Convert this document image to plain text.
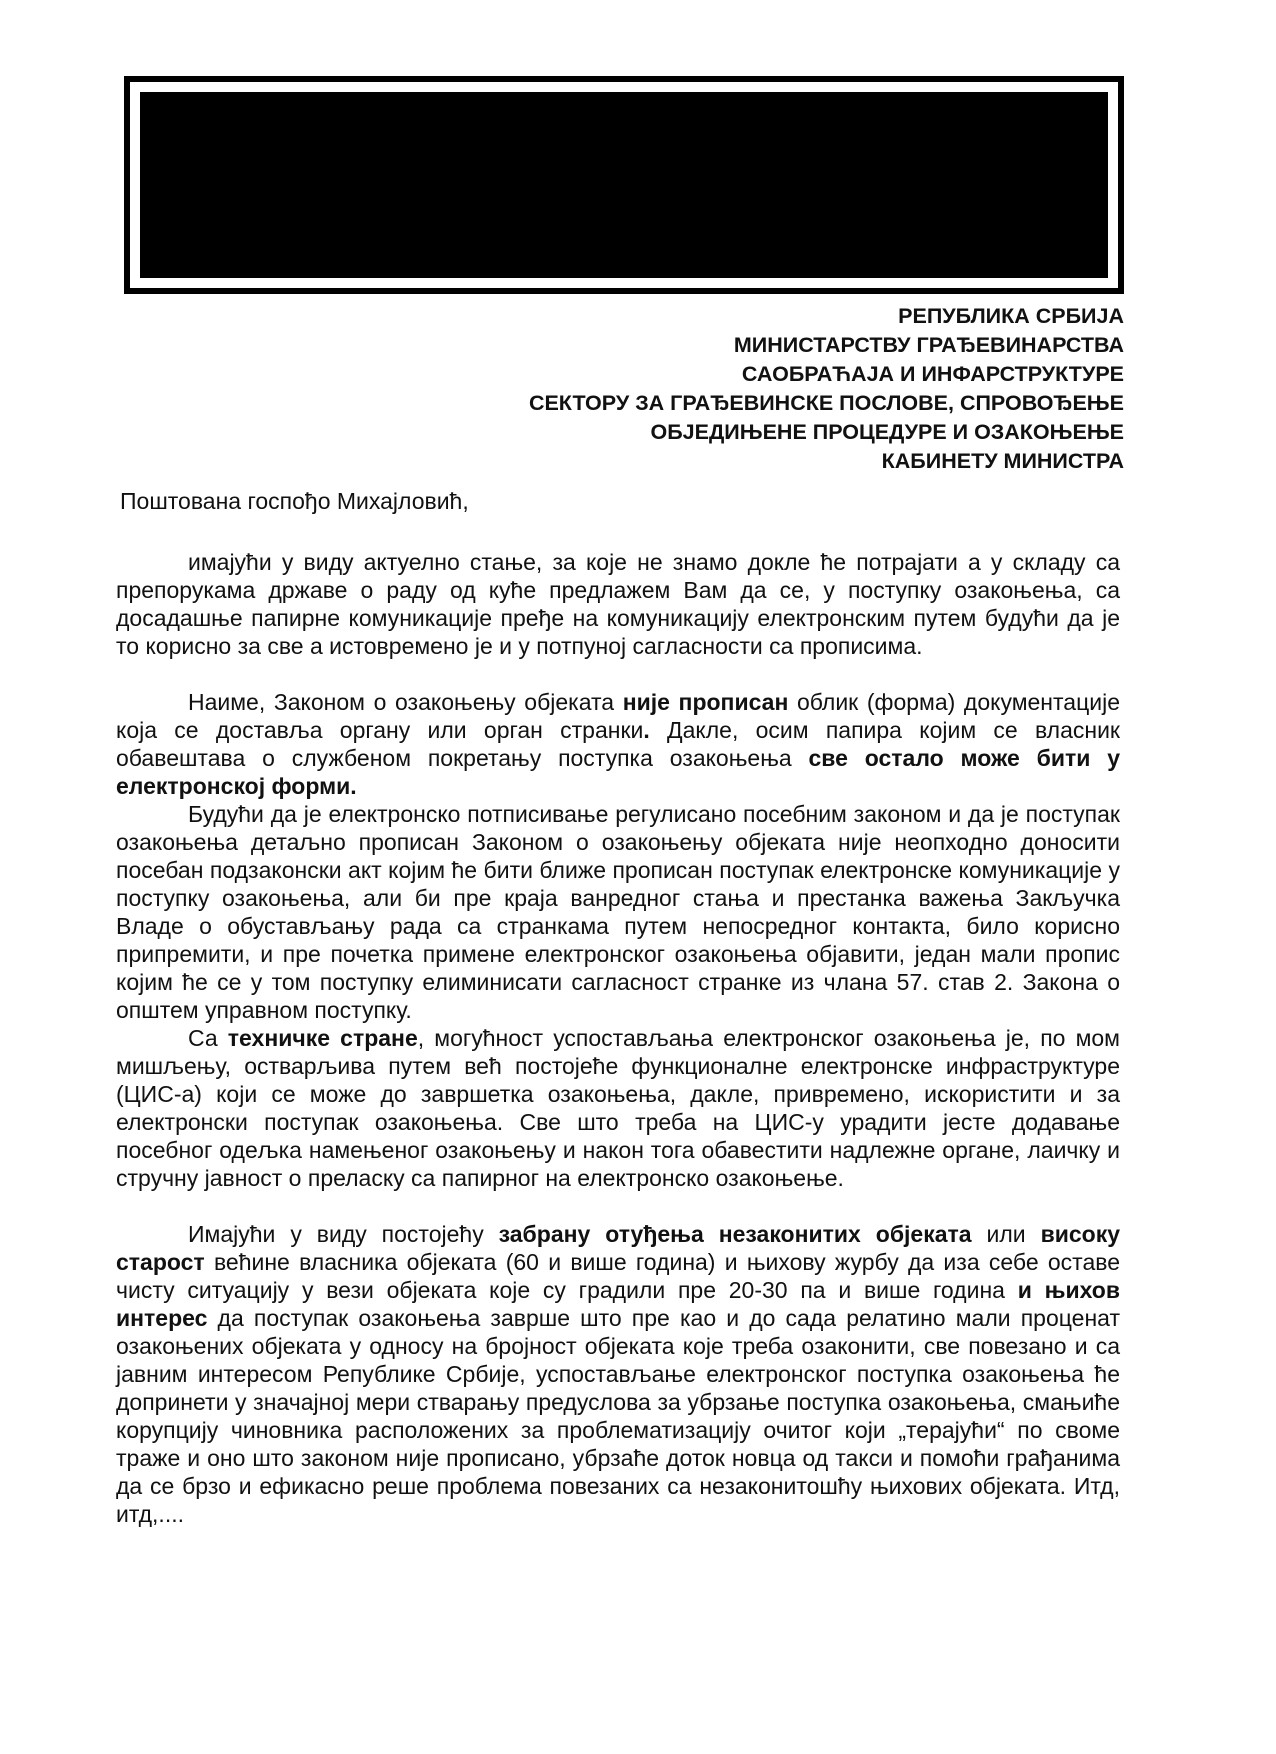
РЕПУБЛИКА СРБИЈА
МИНИСТАРСТВУ ГРАЂЕВИНАРСТВА
САОБРАЋАЈА И ИНФАРСТРУКТУРЕ
СЕКТОРУ ЗА ГРАЂЕВИНСКЕ ПОСЛОВЕ, СПРОВОЂЕЊЕ
ОБЈЕДИЊЕНЕ ПРОЦЕДУРЕ И ОЗАКОЊЕЊЕ
КАБИНЕТУ МИНИСТРА

Поштована госпођо Михајловић,

имајући у виду актуелно стање, за које не знамо докле ће потрајати а у складу са препорукама државе о раду од куће предлажем Вам да се, у поступку озакоњења, са досадашње папирне комуникације пређе на комуникацију електронским путем будући да је то корисно за све а истовремено је и у потпуној сагласности са прописима.

Наиме, Законом о озакоњењу објеката није прописан облик (форма) документације која се доставља органу или орган странки. Дакле, осим папира којим се власник обавештава о службеном покретању поступка озакоњења све остало може бити у електронској форми.

Будући да је електронско потписивање регулисано посебним законом и да је поступак озакоњења детаљно прописан Законом о озакоњењу објеката није неопходно доносити посебан подзаконски акт којим ће бити ближе прописан поступак електронске комуникације у поступку озакоњења, али би пре краја ванредног стања и престанка важења Закључка Владе о обустављању рада са странкама путем непосредног контакта, било корисно припремити, и пре почетка примене електронског озакоњења објавити, један мали пропис којим ће се у том поступку елиминисати сагласност странке из члана 57. став 2. Закона о општем управном поступку.

Са техничке стране, могућност успостављања електронског озакоњења је, по мом мишљењу, остварљива путем већ постојеће функционалне електронске инфраструктуре (ЦИС-а) који се може до завршетка озакоњења, дакле, привремено, искористити и за електронски поступак озакоњења. Све што треба на ЦИС-у урадити јесте додавање посебног одељка намењеног озакоњењу и након тога обавестити надлежне органе, лаичку и стручну јавност о преласку са папирног на електронско озакоњење.

Имајући у виду постојећу забрану отуђења незаконитих објеката или високу старост већине власника објеката (60 и више година) и њихову журбу да иза себе оставе чисту ситуацију у вези објеката које су градили пре 20-30 па и више година и њихов интерес да поступак озакоњења заврше што пре као и до сада релатино мали проценат озакоњених објеката у односу на бројност објеката које треба озаконити, све повезано и са јавним интересом Републике Србије, успостављање електронског поступка озакоњења ће допринети у значајној мери стварању предуслова за убрзање поступка озакоњења, смањиће корупцију чиновника расположених за проблематизацију очитог који „терајући“ по своме траже и оно што законом није прописано, убрзаће доток новца од такси и помоћи грађанима да се брзо и ефикасно реше проблема повезаних са незаконитошћу њихових објеката. Итд, итд,....
